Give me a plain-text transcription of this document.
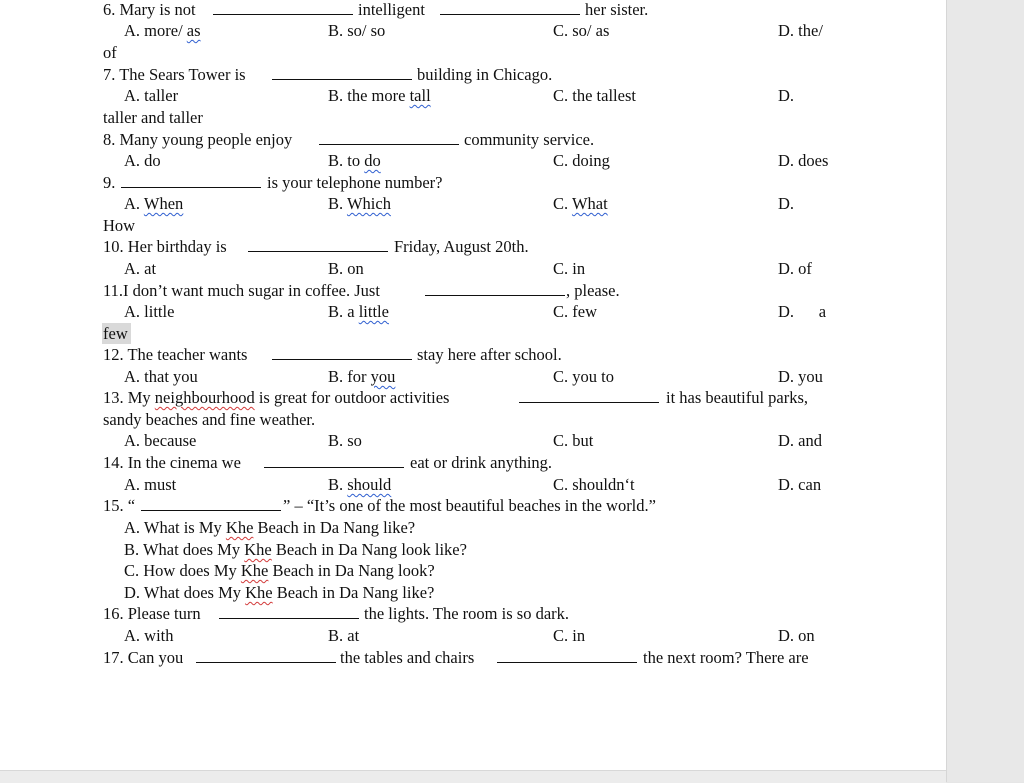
6. Mary is not	intelligent	her sister.
A. more/ as	B. so/ so	C. so/ as	D. the/
of
7. The Sears Tower is	building in Chicago.
A. taller	B. the more tall	C. the tallest	D.
taller and taller
8. Many young people enjoy	community service.
A. do	B. to do	C. doing	D. does
9.	is your telephone number?
A. When	B. Which	C. What	D.
How
10. Her birthday is	Friday, August 20th.
A. at	B. on	C. in	D. of
11.I don’t want much sugar in coffee. Just	, please.
A. little	B. a little	C. few	D.      a
few
12. The teacher wants	stay here after school.
A. that you	B. for you	C. you to	D. you
13. My neighbourhood is great for outdoor activities	it has beautiful parks,
sandy beaches and fine weather.
A. because	B. so	C. but	D. and
14. In the cinema we	eat or drink anything.
A. must	B. should	C. shouldn‘t	D. can
15. “	” – “It’s one of the most beautiful beaches in the world.”
A. What is My Khe Beach in Da Nang like?
B. What does My Khe Beach in Da Nang look like?
C. How does My Khe Beach in Da Nang look?
D. What does My Khe Beach in Da Nang like?
16. Please turn	the lights. The room is so dark.
A. with	B. at	C. in	D. on
17. Can you	the tables and chairs	the next room? There are
